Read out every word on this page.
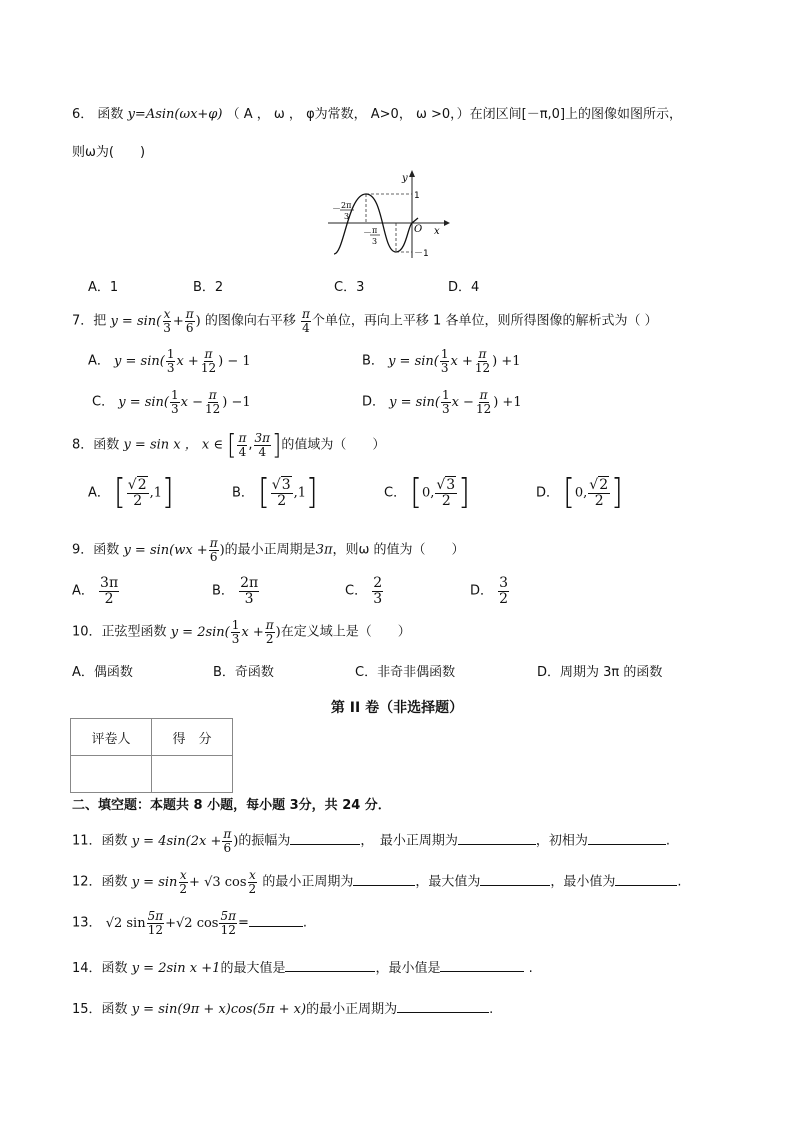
6． 函数 y=Asin(ωx+φ) （ A ， ω ， φ为常数， A>0， ω >0，）在闭区间[－π,0]上的图像如图所示，
则ω为(　　)
y
x
O
1
－1
－ 2π
3
－ π
3
A．1	B．2	C．3	D．4
7．把 $y = \sin( \frac{x}{3} + \frac{\pi}{6}$ ) 的图像向右平移 $\frac{\pi}{4}$ 个单位，再向上平移 1 各单位，则所得图像的解析式为（ ）
A． $y = \sin( \frac{1}{3}$ $x + \frac{\pi}{12}$ ) − 1	B． $y = \sin( \frac{1}{3}$ $x + \frac{\pi}{12}$ ) +1
C． $y = \sin( \frac{1}{3}$ $x - \frac{\pi}{12}$ ) −1	D． $y = \sin( \frac{1}{3}$ $x - \frac{\pi}{12}$ ) +1
8．函数 y = sin x ， x ∈ [ $\frac{\pi}{4}$ , $\frac{3\pi}{4}$ ]的值域为（　　）
A． [ $\frac{√2}{2} ,1$]	B． [ $\frac{√3}{2} ,1$]	C． [0, $\frac{√3}{2}$ ]	D． [0, $\frac{√2}{2}$ ]
9．函数 $y = \sin(wx + \frac{\pi}{6}$ )的最小正周期是3π，则ω 的值为（　　）
A． $\frac{3\pi}{2}$	B． $\frac{2\pi}{3}$	C． $\frac{2}{3}$	D． $\frac{3}{2}$
10．正弦型函数 $y = 2\sin( \frac{1}{3}$ $x + \frac{\pi}{2}$ )在定义域上是（　　）
A．偶函数	B．奇函数	C．非奇非偶函数	D．周期为 3π 的函数
第 II 卷（非选择题）
评卷人	得　分

二、填空题：本题共 8 小题，每小题 3分，共 24 分．
11．函数 $y = 4\sin(2x + \frac{\pi}{6}$ )的振幅为	，　最小正周期为	，初相为	.
12．函数 $y = \sin \frac{x}{2} + √3$ $\cos \frac{x}{2}$ 的最小正周期为	，最大值为	，最小值为	.
13． √2 $\sin \frac{5\pi}{12} +√2$ $\cos \frac{5\pi}{12}$ =	.
14．函数 y = 2sin x +1的最大值是	，最小值是	.
15．函数 y = sin(9π + x)cos(5π + x)的最小正周期为	.
